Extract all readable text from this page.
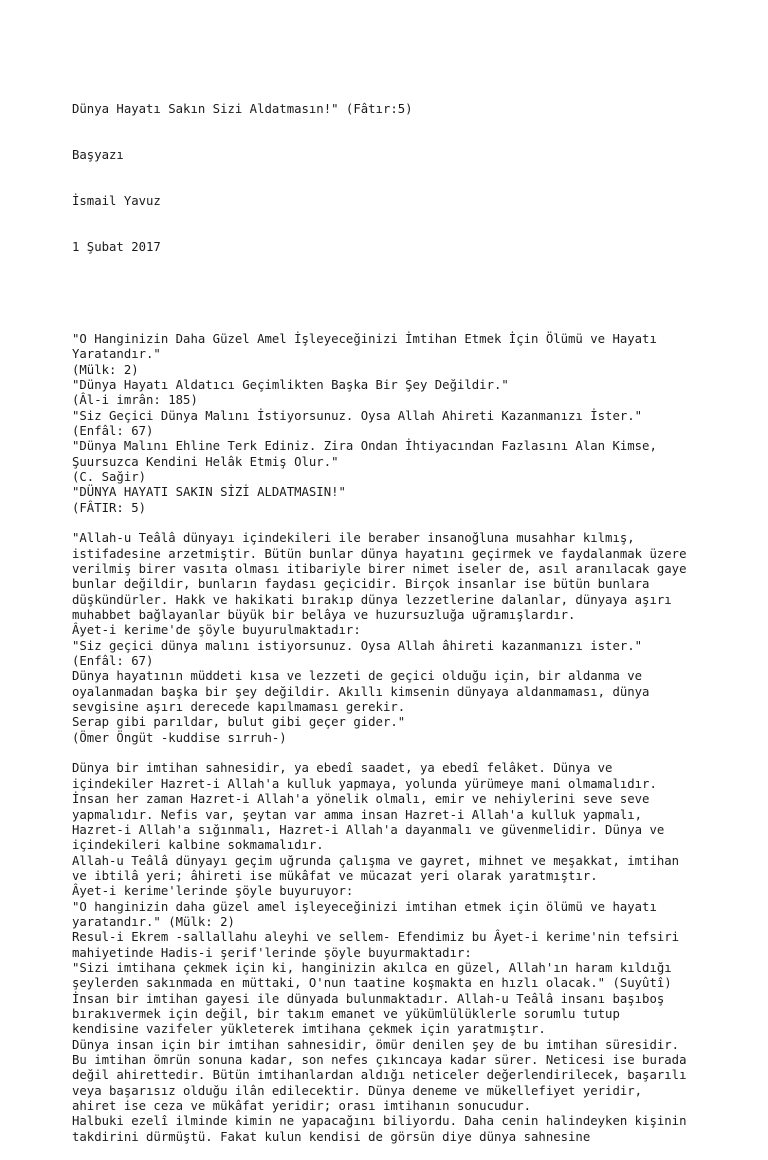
Dünya Hayatı Sakın Sizi Aldatmasın!" (Fâtır:5)

Başyazı

İsmail Yavuz

1 Şubat 2017

"O Hanginizin Daha Güzel Amel İşleyeceğinizi İmtihan Etmek İçin Ölümü ve Hayatı
Yaratandır."
(Mülk: 2)
"Dünya Hayatı Aldatıcı Geçimlikten Başka Bir Şey Değildir."
(Âl-i imrân: 185)
"Siz Geçici Dünya Malını İstiyorsunuz. Oysa Allah Ahireti Kazanmanızı İster."
(Enfâl: 67)
"Dünya Malını Ehline Terk Ediniz. Zira Ondan İhtiyacından Fazlasını Alan Kimse,
Şuursuzca Kendini Helâk Etmiş Olur."
(C. Sağir)
"DÜNYA HAYATI SAKIN SİZİ ALDATMASIN!"
(FÂTIR: 5)
"Allah-u Teâlâ dünyayı içindekileri ile beraber insanoğluna musahhar kılmış,
istifadesine arzetmiştir. Bütün bunlar dünya hayatını geçirmek ve faydalanmak üzere
verilmiş birer vasıta olması itibariyle birer nimet iseler de, asıl aranılacak gaye
bunlar değildir, bunların faydası geçicidir. Birçok insanlar ise bütün bunlara
düşkündürler. Hakk ve hakikati bırakıp dünya lezzetlerine dalanlar, dünyaya aşırı
muhabbet bağlayanlar büyük bir belâya ve huzursuzluğa uğramışlardır.
Âyet-i kerime'de şöyle buyurulmaktadır:
"Siz geçici dünya malını istiyorsunuz. Oysa Allah âhireti kazanmanızı ister."
(Enfâl: 67)
Dünya hayatının müddeti kısa ve lezzeti de geçici olduğu için, bir aldanma ve
oyalanmadan başka bir şey değildir. Akıllı kimsenin dünyaya aldanmaması, dünya
sevgisine aşırı derecede kapılmaması gerekir.
Serap gibi parıldar, bulut gibi geçer gider."
(Ömer Öngüt -kuddise sırruh-)
Dünya bir imtihan sahnesidir, ya ebedî saadet, ya ebedî felâket. Dünya ve
içindekiler Hazret-i Allah'a kulluk yapmaya, yolunda yürümeye mani olmamalıdır.
İnsan her zaman Hazret-i Allah'a yönelik olmalı, emir ve nehiylerini seve seve
yapmalıdır. Nefis var, şeytan var amma insan Hazret-i Allah'a kulluk yapmalı,
Hazret-i Allah'a sığınmalı, Hazret-i Allah'a dayanmalı ve güvenmelidir. Dünya ve
içindekileri kalbine sokmamalıdır.
Allah-u Teâlâ dünyayı geçim uğrunda çalışma ve gayret, mihnet ve meşakkat, imtihan
ve ibtilâ yeri; âhireti ise mükâfat ve mücazat yeri olarak yaratmıştır.
Âyet-i kerime'lerinde şöyle buyuruyor:
"O hanginizin daha güzel amel işleyeceğinizi imtihan etmek için ölümü ve hayatı
yaratandır." (Mülk: 2)
Resul-i Ekrem -sallallahu aleyhi ve sellem- Efendimiz bu Âyet-i kerime'nin tefsiri
mahiyetinde Hadis-i şerif'lerinde şöyle buyurmaktadır:
"Sizi imtihana çekmek için ki, hanginizin akılca en güzel, Allah'ın haram kıldığı
şeylerden sakınmada en müttaki, O'nun taatine koşmakta en hızlı olacak." (Suyûtî)
İnsan bir imtihan gayesi ile dünyada bulunmaktadır. Allah-u Teâlâ insanı başıboş
bırakıvermek için değil, bir takım emanet ve yükümlülüklerle sorumlu tutup
kendisine vazifeler yükleterek imtihana çekmek için yaratmıştır.
Dünya insan için bir imtihan sahnesidir, ömür denilen şey de bu imtihan süresidir.
Bu imtihan ömrün sonuna kadar, son nefes çıkıncaya kadar sürer. Neticesi ise burada
değil ahirettedir. Bütün imtihanlardan aldığı neticeler değerlendirilecek, başarılı
veya başarısız olduğu ilân edilecektir. Dünya deneme ve mükellefiyet yeridir,
ahiret ise ceza ve mükâfat yeridir; orası imtihanın sonucudur.
Halbuki ezelî ilminde kimin ne yapacağını biliyordu. Daha cenin halindeyken kişinin
takdirini dürmüştü. Fakat kulun kendisi de görsün diye dünya sahnesine
